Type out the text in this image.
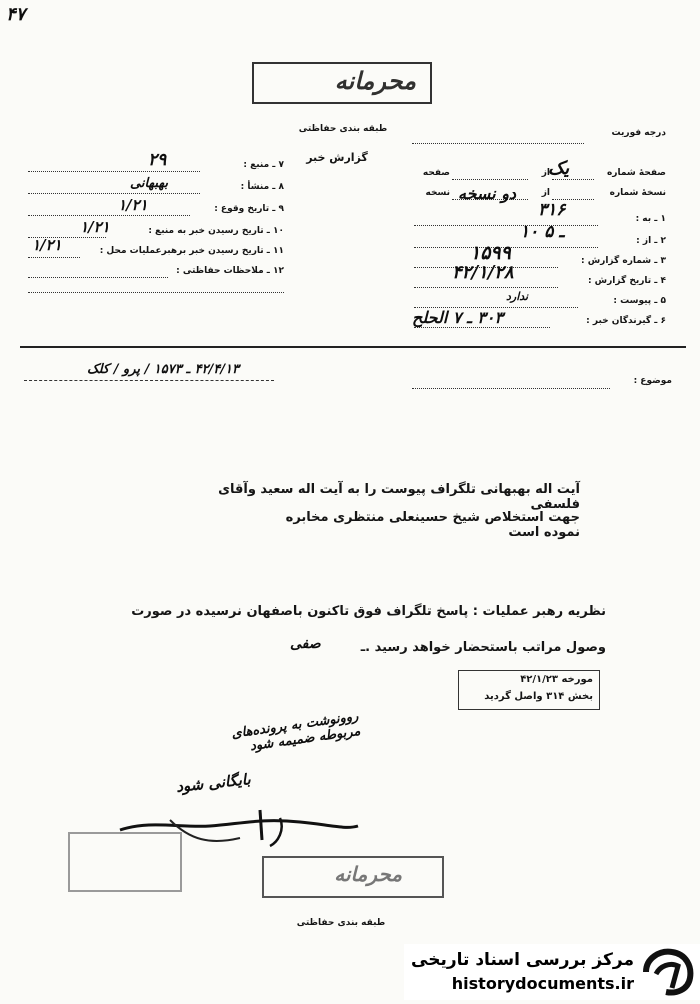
۴۷
محرمانه
طبقه بندی حفاظتی	درجه فوریت
گزارش خبر
۷ ـ منبع :
۲۹
۸ ـ منشأ :
بهبهانی
۹ ـ تاریخ وقوع :
۱/۲۱
۱۰ ـ تاریخ رسیدن خبر به منبع :
۱/۲۱
۱۱ ـ تاریخ رسیدن خبر برهبرعملیات محل :
۱/۲۱
۱۲ ـ ملاحظات حفاظتی :
صفحۀ شماره
یک
از
صفحه
نسخۀ شماره
از
دو نسخه
نسخه
۱ ـ به :
۳۱۶
۲ ـ از :
۱۰ ـ ۵
۳ ـ شماره گزارش :
۱۵۹۹
۴ ـ تاریخ گزارش :
۴۲/۱/۲۸
۵ ـ پیوست :
ندارد
۶ ـ گیرندگان خبر :
۳۰۳ ـ ۷ الحلح
۴۲/۴/۱۳ ـ ۱۵۷۳ / پرو / کلک
موضوع :
آیت اله بهبهانی تلگراف پیوست را به آیت اله سعید وآقای فلسفی
جهت استخلاص شیخ حسینعلی منتظری مخابره نموده است
نظریه رهبر عملیات : پاسخ تلگراف فوق تاکنون باصفهان نرسیده در صورت
وصول مراتب باستحضار خواهد رسید .ـ
صفی
مورخه ۴۲/۱/۲۳
بخش ۳۱۴ واصل گردید
روونوشت به پرونده‌های مربوطه ضمیمه شود
بایگانی شود
محرمانه
طبقه بندی حفاظتی
مرکز بررسی اسناد تاریخی
historydocuments.ir
